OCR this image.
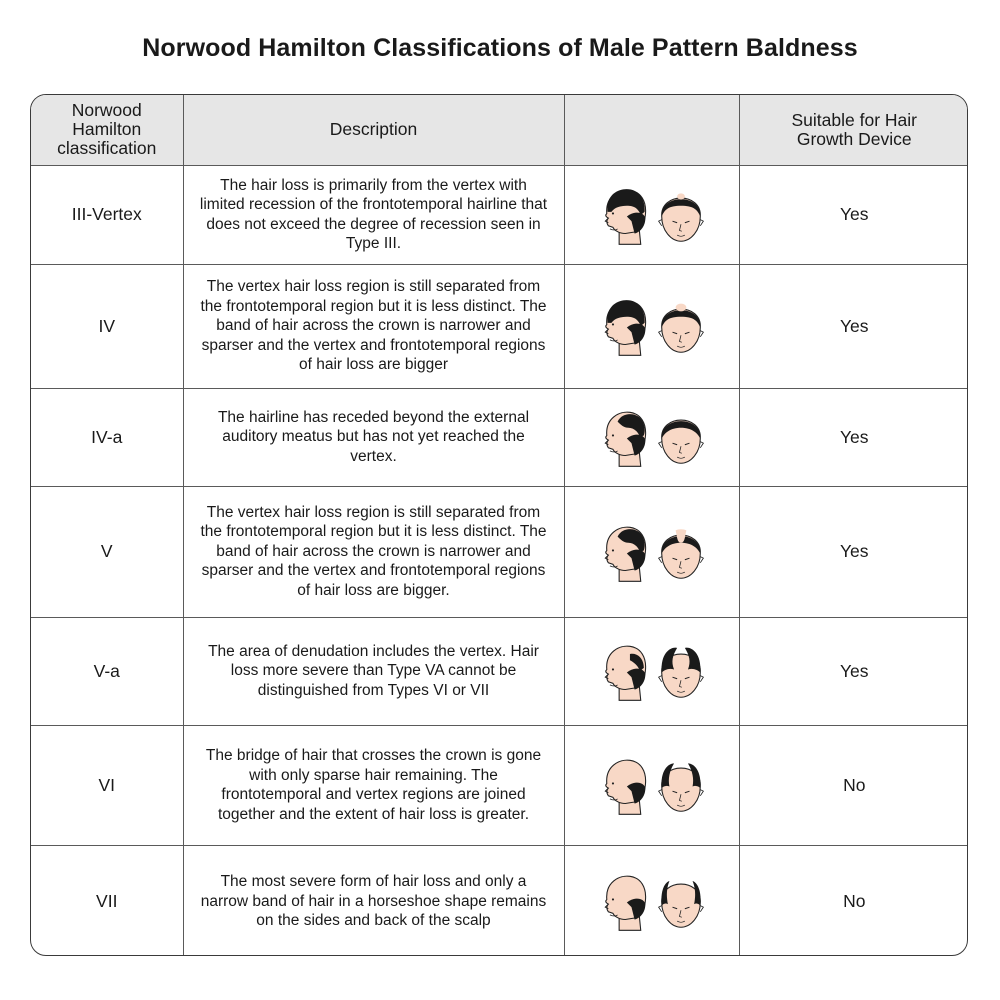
Norwood Hamilton Classifications of Male Pattern Baldness
Norwood Hamilton classification	Description		Suitable for Hair Growth Device
III-Vertex	The hair loss is primarily from the vertex with limited recession of the frontotemporal hairline that does not exceed the degree of recession seen in Type III.		Yes
IV	The vertex hair loss region is still separated from the frontotemporal region but it is less distinct. The band of hair across the crown is narrower and sparser and the vertex and frontotemporal regions of hair loss are bigger		Yes
IV-a	The hairline has receded beyond the external auditory meatus but has not yet reached the vertex.		Yes
V	The vertex hair loss region is still separated from the frontotemporal region but it is less distinct. The band of hair across the crown is narrower and sparser and the vertex and frontotemporal regions of hair loss are bigger.		Yes
V-a	The area of denudation includes the vertex. Hair loss more severe than Type VA cannot be distinguished from Types VI or VII		Yes
VI	The bridge of hair that crosses the crown is gone with only sparse hair remaining. The frontotemporal and vertex regions are joined together and the extent of hair loss is greater.		No
VII	The most severe form of hair loss and only a narrow band of hair in a horseshoe shape remains on the sides and back of the scalp		No
